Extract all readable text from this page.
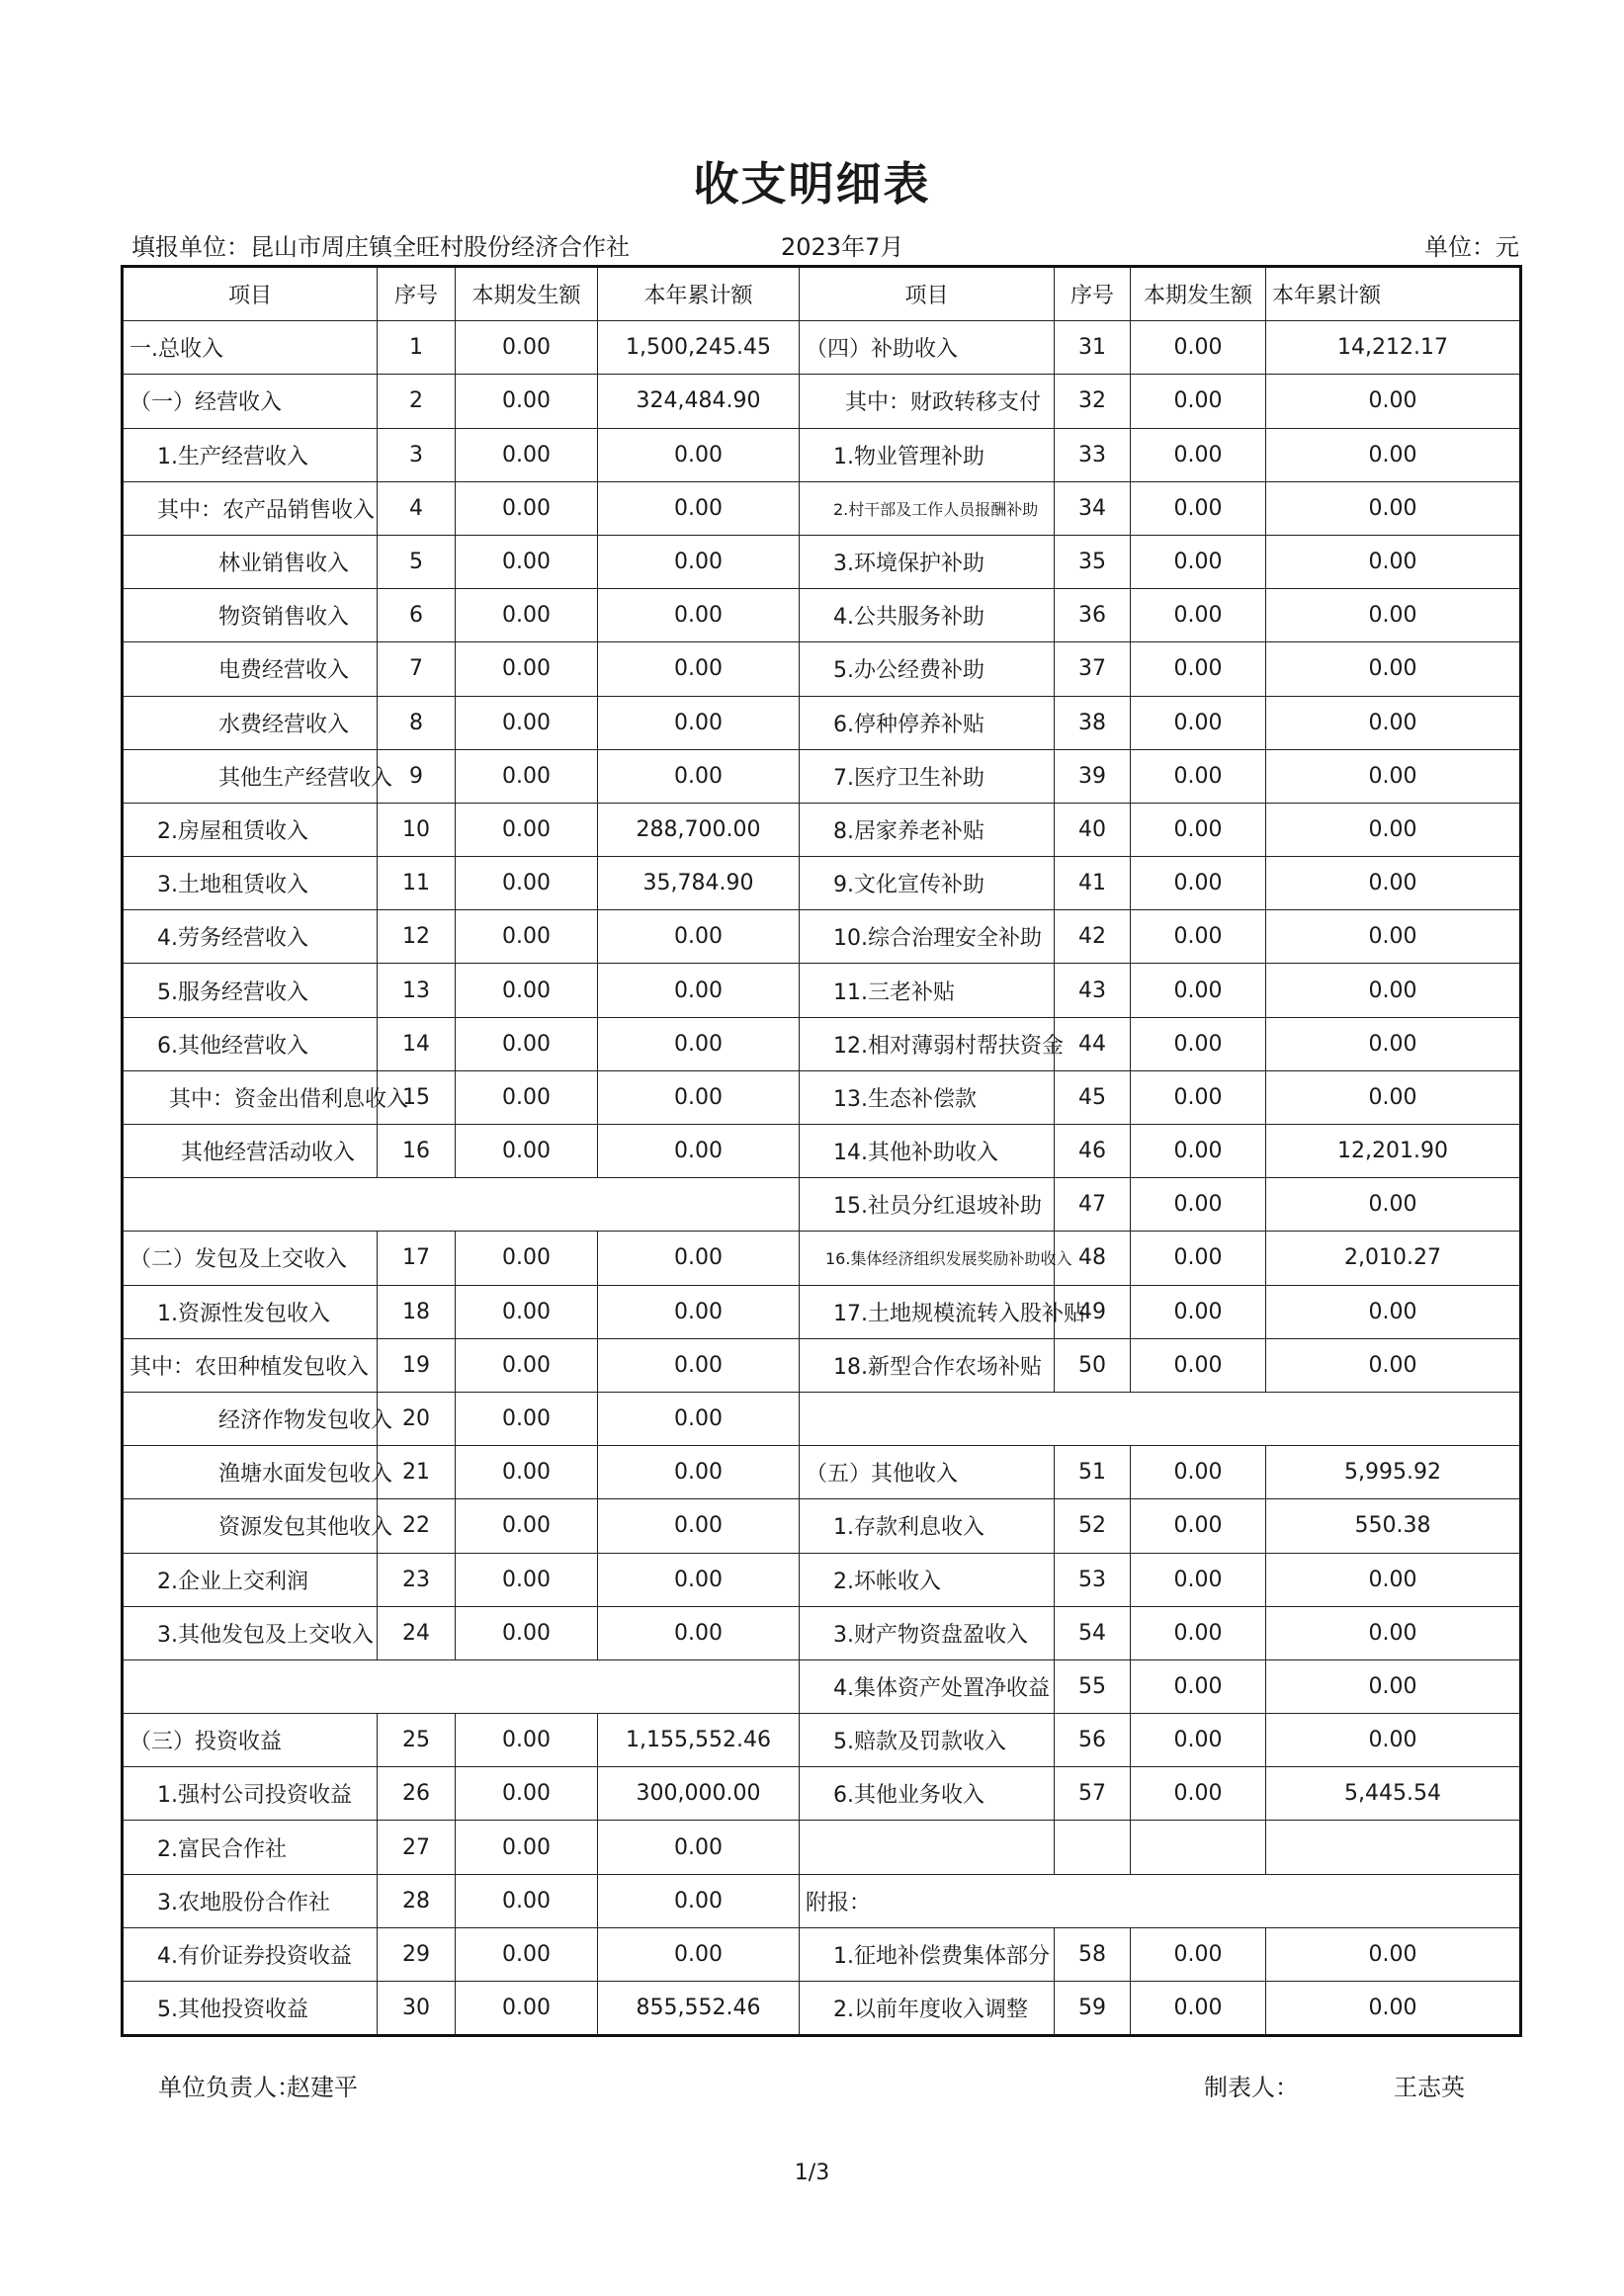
收支明细表
填报单位：昆山市周庄镇全旺村股份经济合作社	2023年7月	单位：元
项目	序号	本期发生额	本年累计额	项目	序号	本期发生额	本年累计额
一.总收入	1	0.00	1,500,245.45	（四）补助收入	31	0.00	14,212.17
（一）经营收入	2	0.00	324,484.90	其中：财政转移支付	32	0.00	0.00
1.生产经营收入	3	0.00	0.00	1.物业管理补助	33	0.00	0.00
其中：农产品销售收入	4	0.00	0.00	2.村干部及工作人员报酬补助	34	0.00	0.00
林业销售收入	5	0.00	0.00	3.环境保护补助	35	0.00	0.00
物资销售收入	6	0.00	0.00	4.公共服务补助	36	0.00	0.00
电费经营收入	7	0.00	0.00	5.办公经费补助	37	0.00	0.00
水费经营收入	8	0.00	0.00	6.停种停养补贴	38	0.00	0.00
其他生产经营收入	9	0.00	0.00	7.医疗卫生补助	39	0.00	0.00
2.房屋租赁收入	10	0.00	288,700.00	8.居家养老补贴	40	0.00	0.00
3.土地租赁收入	11	0.00	35,784.90	9.文化宣传补助	41	0.00	0.00
4.劳务经营收入	12	0.00	0.00	10.综合治理安全补助	42	0.00	0.00
5.服务经营收入	13	0.00	0.00	11.三老补贴	43	0.00	0.00
6.其他经营收入	14	0.00	0.00	12.相对薄弱村帮扶资金	44	0.00	0.00
其中：资金出借利息收入	15	0.00	0.00	13.生态补偿款	45	0.00	0.00
其他经营活动收入	16	0.00	0.00	14.其他补助收入	46	0.00	12,201.90
				15.社员分红退坡补助	47	0.00	0.00
（二）发包及上交收入	17	0.00	0.00	16.集体经济组织发展奖励补助收入	48	0.00	2,010.27
1.资源性发包收入	18	0.00	0.00	17.土地规模流转入股补贴	49	0.00	0.00
其中：农田种植发包收入	19	0.00	0.00	18.新型合作农场补贴	50	0.00	0.00
经济作物发包收入	20	0.00	0.00				
渔塘水面发包收入	21	0.00	0.00	（五）其他收入	51	0.00	5,995.92
资源发包其他收入	22	0.00	0.00	1.存款利息收入	52	0.00	550.38
2.企业上交利润	23	0.00	0.00	2.坏帐收入	53	0.00	0.00
3.其他发包及上交收入	24	0.00	0.00	3.财产物资盘盈收入	54	0.00	0.00
				4.集体资产处置净收益	55	0.00	0.00
（三）投资收益	25	0.00	1,155,552.46	5.赔款及罚款收入	56	0.00	0.00
1.强村公司投资收益	26	0.00	300,000.00	6.其他业务收入	57	0.00	5,445.54
2.富民合作社	27	0.00	0.00				
3.农地股份合作社	28	0.00	0.00	附报：			
4.有价证券投资收益	29	0.00	0.00	1.征地补偿费集体部分	58	0.00	0.00
5.其他投资收益	30	0.00	855,552.46	2.以前年度收入调整	59	0.00	0.00
单位负责人：
赵建平	制表人：	王志英
1/3
